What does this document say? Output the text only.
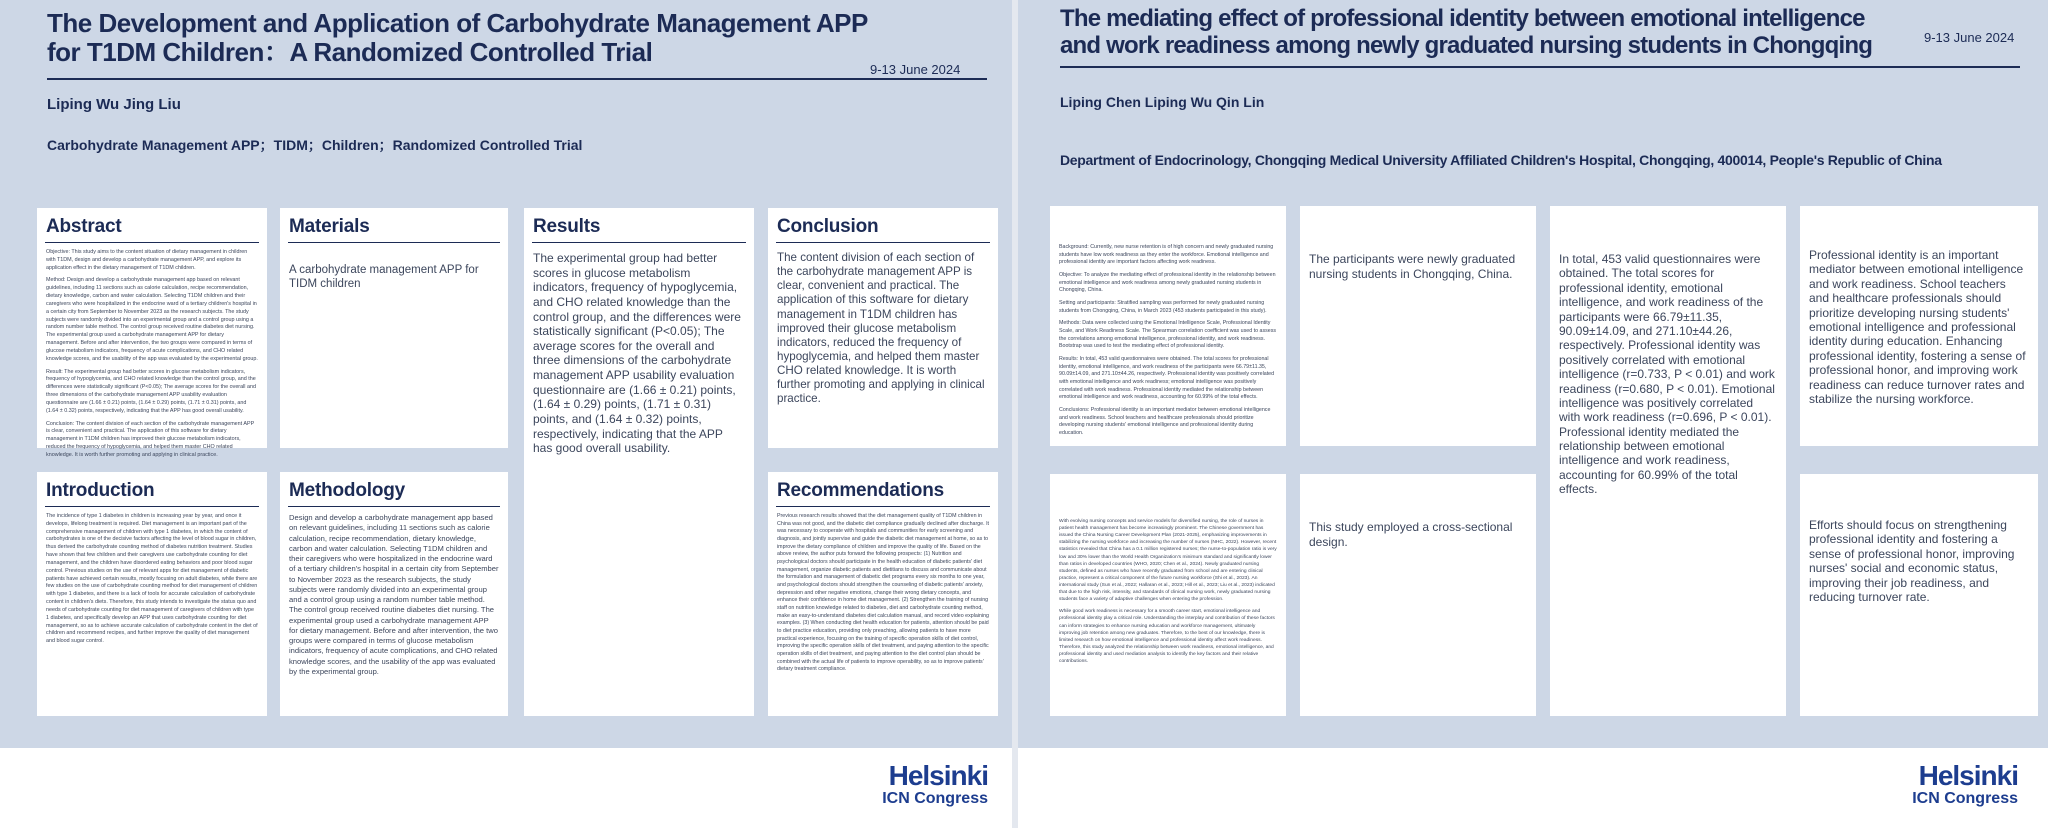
The Development and Application of Carbohydrate Management APP for T1DM Children：A Randomized Controlled Trial
9-13 June 2024
Liping Wu Jing Liu
Carbohydrate Management APP；TIDM；Children；Randomized Controlled Trial
Abstract

Objective: This study aims to the content situation of dietary management in children with T1DM, design and develop a carbohydrate management APP, and explore its application effect in the dietary management of T1DM children.

Method: Design and develop a carbohydrate management app based on relevant guidelines, including 11 sections such as calorie calculation, recipe recommendation, dietary knowledge, carbon and water calculation. Selecting T1DM children and their caregivers who were hospitalized in the endocrine ward of a tertiary children's hospital in a certain city from September to November 2023 as the research subjects. The study subjects were randomly divided into an experimental group and a control group using a random number table method. The control group received routine diabetes diet nursing. The experimental group used a carbohydrate management APP for dietary management. Before and after intervention, the two groups were compared in terms of glucose metabolism indicators, frequency of acute complications, and CHO related knowledge scores, and the usability of the app was evaluated by the experimental group.

Result: The experimental group had better scores in glucose metabolism indicators, frequency of hypoglycemia, and CHO related knowledge than the control group, and the differences were statistically significant (P<0.05); The average scores for the overall and three dimensions of the carbohydrate management APP usability evaluation questionnaire are (1.66 ± 0.21) points, (1.64 ± 0.29) points, (1.71 ± 0.31) points, and (1.64 ± 0.32) points, respectively, indicating that the APP has good overall usability.

Conclusion: The content division of each section of the carbohydrate management APP is clear, convenient and practical. The application of this software for dietary management in T1DM children has improved their glucose metabolism indicators, reduced the frequency of hypoglycemia, and helped them master CHO related knowledge. It is worth further promoting and applying in clinical practice.

Materials
A carbohydrate management APP for TIDM children
Results
The experimental group had better scores in glucose metabolism indicators, frequency of hypoglycemia, and CHO related knowledge than the control group, and the differences were statistically significant (P<0.05); The average scores for the overall and three dimensions of the carbohydrate management APP usability evaluation questionnaire are (1.66 ± 0.21) points, (1.64 ± 0.29) points, (1.71 ± 0.31) points, and (1.64 ± 0.32) points, respectively, indicating that the APP has good overall usability.
Conclusion
The content division of each section of the carbohydrate management APP is clear, convenient and practical. The application of this software for dietary management in T1DM children has improved their glucose metabolism indicators, reduced the frequency of hypoglycemia, and helped them master CHO related knowledge. It is worth further promoting and applying in clinical practice.
Introduction
The incidence of type 1 diabetes in children is increasing year by year, and once it develops, lifelong treatment is required. Diet management is an important part of the comprehensive management of children with type 1 diabetes, in which the content of carbohydrates is one of the decisive factors affecting the level of blood sugar in children, thus derived the carbohydrate counting method of diabetes nutrition treatment. Studies have shown that few children and their caregivers use carbohydrate counting for diet management, and the children have disordered eating behaviors and poor blood sugar control. Previous studies on the use of relevant apps for diet management of diabetic patients have achieved certain results, mostly focusing on adult diabetes, while there are few studies on the use of carbohydrate counting method for diet management of children with type 1 diabetes, and there is a lack of tools for accurate calculation of carbohydrate content in children's diets. Therefore, this study intends to investigate the status quo and needs of carbohydrate counting for diet management of caregivers of children with type 1 diabetes, and specifically develop an APP that uses carbohydrate counting for diet management, so as to achieve accurate calculation of carbohydrate content in the diet of children and recommend recipes, and further improve the quality of diet management and blood sugar control.
Methodology
Design and develop a carbohydrate management app based on relevant guidelines, including 11 sections such as calorie calculation, recipe recommendation, dietary knowledge, carbon and water calculation. Selecting T1DM children and their caregivers who were hospitalized in the endocrine ward of a tertiary children's hospital in a certain city from September to November 2023 as the research subjects, the study subjects were randomly divided into an experimental group and a control group using a random number table method. The control group received routine diabetes diet nursing. The experimental group used a carbohydrate management APP for dietary management. Before and after intervention, the two groups were compared in terms of glucose metabolism indicators, frequency of acute complications, and CHO related knowledge scores, and the usability of the app was evaluated by the experimental group.
Recommendations
Previous research results showed that the diet management quality of T1DM children in China was not good, and the diabetic diet compliance gradually declined after discharge. It was necessary to cooperate with hospitals and communities for early screening and diagnosis, and jointly supervise and guide the diabetic diet management at home, so as to improve the dietary compliance of children and improve the quality of life. Based on the above review, the author puts forward the following prospects: (1) Nutrition and psychological doctors should participate in the health education of diabetic patients' diet management, organize diabetic patients and dietitians to discuss and communicate about the formulation and management of diabetic diet programs every six months to one year, and psychological doctors should strengthen the counseling of diabetic patients' anxiety, depression and other negative emotions, change their wrong dietary concepts, and enhance their confidence in home diet management. (2) Strengthen the training of nursing staff on nutrition knowledge related to diabetes, diet and carbohydrate counting method, make an easy-to-understand diabetes diet calculation manual, and record video explaining examples. (3) When conducting diet health education for patients, attention should be paid to diet practice education, providing only preaching, allowing patients to have more practical experience, focusing on the training of specific operation skills of diet control, improving the specific operation skills of diet treatment, and paying attention to the specific operation skills of diet treatment, and paying attention to the diet control plan should be combined with the actual life of patients to improve operability, so as to improve patients' dietary treatment compliance.
Helsinki
ICN Congress
The mediating effect of professional identity between emotional intelligence
and work readiness among newly graduated nursing students in Chongqing	9-13 June 2024
Liping Chen Liping Wu Qin Lin
Department of Endocrinology, Chongqing Medical University Affiliated Children's Hospital, Chongqing, 400014, People's Republic of China

Background: Currently, new nurse retention is of high concern and newly graduated nursing students have low work readiness as they enter the workforce. Emotional intelligence and professional identity are important factors affecting work readiness.

Objective: To analyze the mediating effect of professional identity in the relationship between emotional intelligence and work readiness among newly graduated nursing students in Chongqing, China.

Setting and participants: Stratified sampling was performed for newly graduated nursing students from Chongqing, China, in March 2023 (453 students participated in this study).

Methods: Data were collected using the Emotional Intelligence Scale, Professional Identity Scale, and Work Readiness Scale. The Spearman correlation coefficient was used to assess the correlations among emotional intelligence, professional identity, and work readiness. Bootstrap was used to test the mediating effect of professional identity.

Results: In total, 453 valid questionnaires were obtained. The total scores for professional identity, emotional intelligence, and work readiness of the participants were 66.79±11.35, 90.09±14.09, and 271.10±44.26, respectively. Professional identity was positively correlated with emotional intelligence and work readiness; emotional intelligence was positively correlated with work readiness. Professional identity mediated the relationship between emotional intelligence and work readiness, accounting for 60.99% of the total effects.

Conclusions: Professional identity is an important mediator between emotional intelligence and work readiness. School teachers and healthcare professionals should prioritize developing nursing students' emotional intelligence and professional identity during education.

The participants were newly graduated nursing students in Chongqing, China.
In total, 453 valid questionnaires were obtained. The total scores for professional identity, emotional intelligence, and work readiness of the participants were 66.79±11.35, 90.09±14.09, and 271.10±44.26, respectively. Professional identity was positively correlated with emotional intelligence (r=0.733, P < 0.01) and work readiness (r=0.680, P < 0.01). Emotional intelligence was positively correlated with work readiness (r=0.696, P < 0.01). Professional identity mediated the relationship between emotional intelligence and work readiness, accounting for 60.99% of the total effects.
Professional identity is an important mediator between emotional intelligence and work readiness. School teachers and healthcare professionals should prioritize developing nursing students' emotional intelligence and professional identity during education. Enhancing professional identity, fostering a sense of professional honor, and improving work readiness can reduce turnover rates and stabilize the nursing workforce.

With evolving nursing concepts and service models for diversified nursing, the role of nurses in patient health management has become increasingly prominent. The Chinese government has issued the China Nursing Career Development Plan (2021-2025), emphasizing improvements in stabilizing the nursing workforce and increasing the number of nurses (NHC, 2022). However, recent statistics revealed that China has a 0.1 million registered nurses; the nurse-to-population ratio is very low and 30% lower than the World Health Organization's minimum standard and significantly lower than ratios in developed countries (WHO, 2020; Chen et al., 2024). Newly graduated nursing students, defined as nurses who have recently graduated from school and are entering clinical practice, represent a critical component of the future nursing workforce (Shi et al., 2023). An international study (Sun et al., 2022; Hallaran et al., 2023; Hill et al., 2023; Liu et al., 2023) indicated that due to the high risk, intensity, and standards of clinical nursing work, newly graduated nursing students face a variety of adaptive challenges when entering the profession.

While good work readiness is necessary for a smooth career start, emotional intelligence and professional identity play a critical role. Understanding the interplay and contribution of these factors can inform strategies to enhance nursing education and workforce management, ultimately improving job retention among new graduates. Therefore, to the best of our knowledge, there is limited research on how emotional intelligence and professional identity affect work readiness. Therefore, this study analyzed the relationship between work readiness, emotional intelligence, and professional identity and used mediation analysis to identify the key factors and their relative contributions.

This study employed a cross-sectional design.
Efforts should focus on strengthening professional identity and fostering a sense of professional honor, improving nurses' social and economic status, improving their job readiness, and reducing turnover rate.
Helsinki
ICN Congress
